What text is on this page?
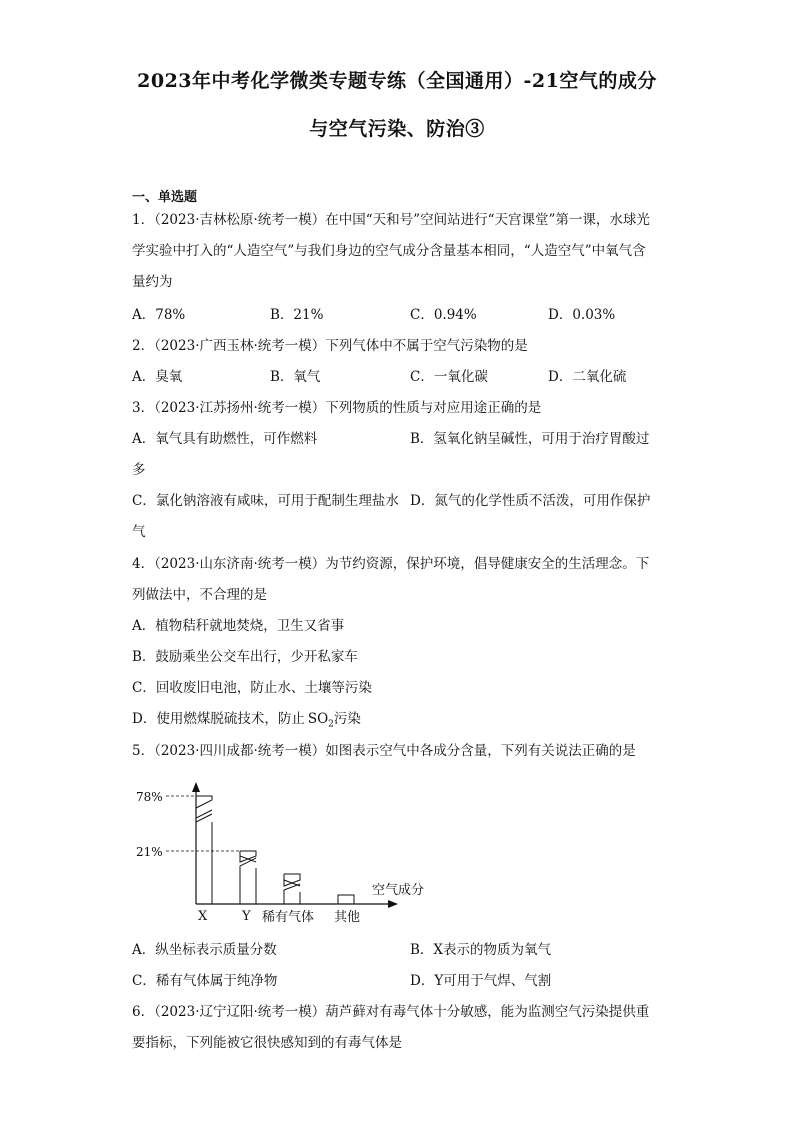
2023年中考化学微类专题专练（全国通用）-21空气的成分
与空气污染、防治③
一、单选题
1．（2023·吉林松原·统考一模）在中国“天和号”空间站进行“天宫课堂”第一课，水球光
学实验中打入的“人造空气”与我们身边的空气成分含量基本相同，“人造空气”中氧气含
量约为
A．78%	B．21%	C．0.94%	D．0.03%
2．（2023·广西玉林·统考一模）下列气体中不属于空气污染物的是
A．臭氧	B．氧气	C．一氧化碳	D．二氧化硫
3．（2023·江苏扬州·统考一模）下列物质的性质与对应用途正确的是
A．氧气具有助燃性，可作燃料	B．氢氧化钠呈碱性，可用于治疗胃酸过
多
C．氯化钠溶液有咸味，可用于配制生理盐水 D．氮气的化学性质不活泼，可用作保护
气
4．（2023·山东济南·统考一模）为节约资源，保护环境，倡导健康安全的生活理念。下
列做法中，不合理的是
A．植物秸秆就地焚烧，卫生又省事
B．鼓励乘坐公交车出行，少开私家车
C．回收废旧电池，防止水、土壤等污染
D．使用燃煤脱硫技术，防止 $SO_2$污染
5．（2023·四川成都·统考一模）如图表示空气中各成分含量，下列有关说法正确的是
78%
21%
X	Y 稀有气体 其他
空气成分
A．纵坐标表示质量分数	B．X表示的物质为氧气
C．稀有气体属于纯净物	D．Y可用于气焊、气割
6．（2023·辽宁辽阳·统考一模）葫芦藓对有毒气体十分敏感，能为监测空气污染提供重
要指标，下列能被它很快感知到的有毒气体是
